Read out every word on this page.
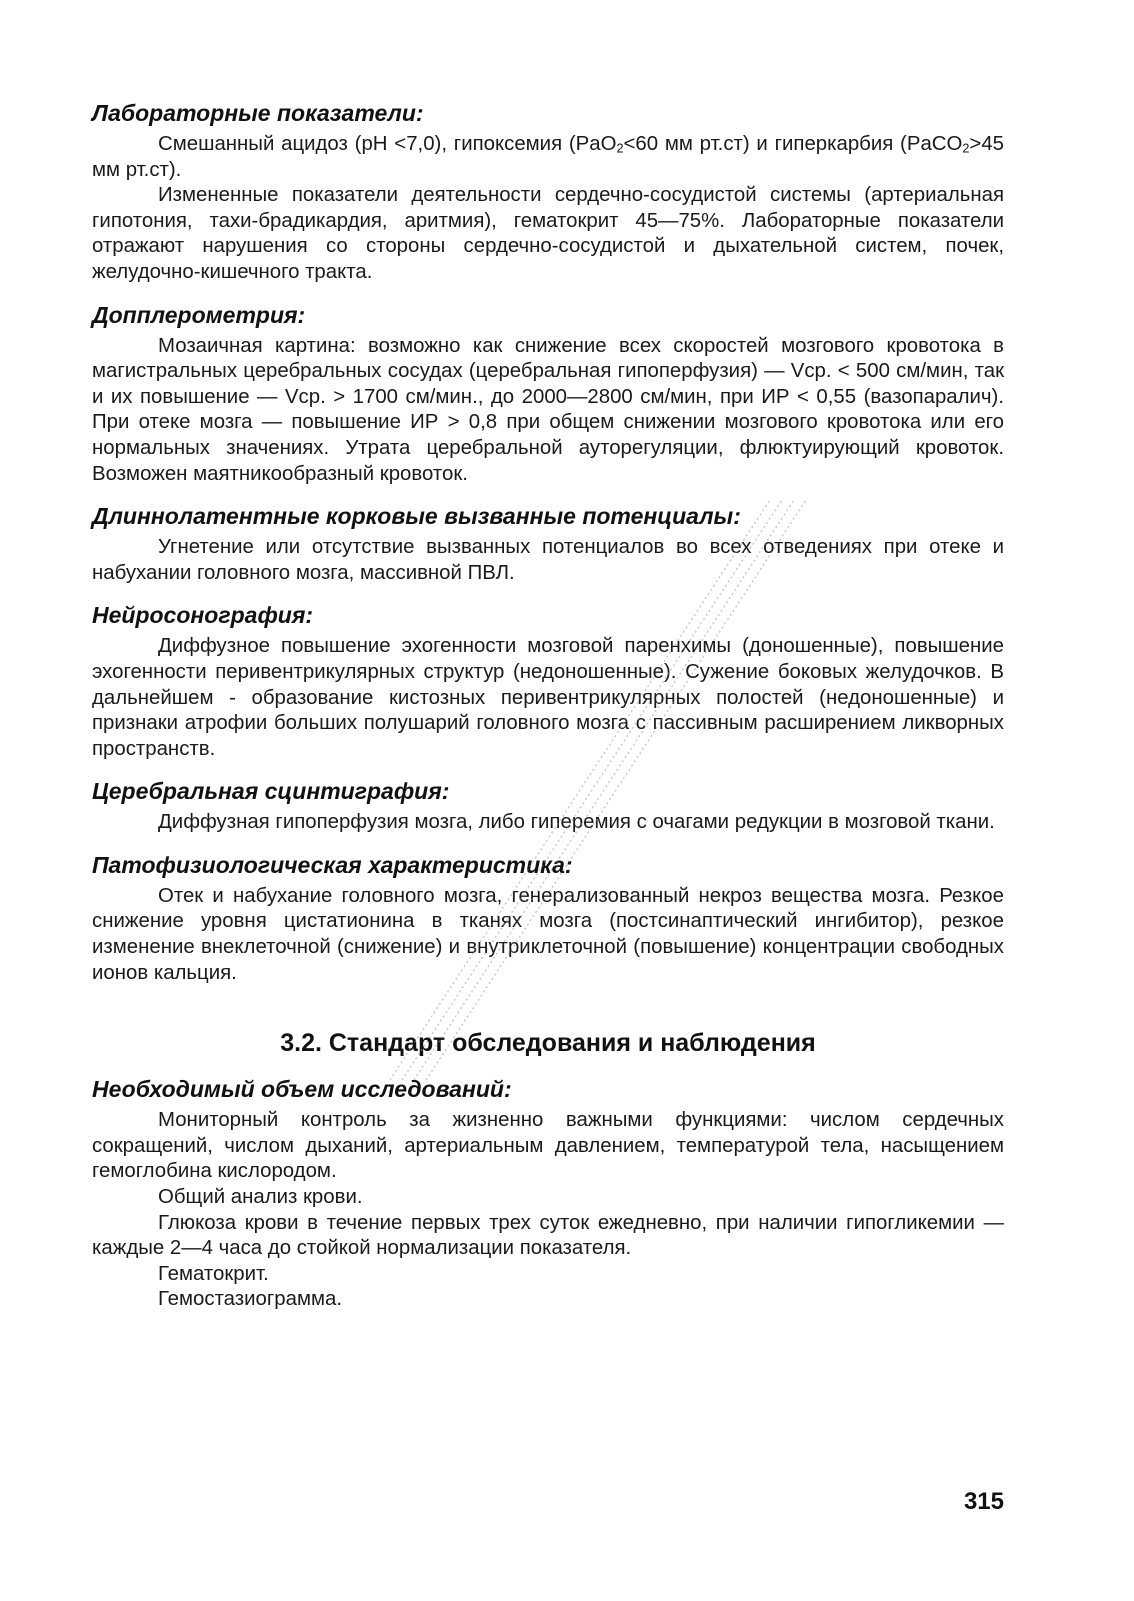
Лабораторные показатели:

Смешанный ацидоз (pH <7,0), гипоксемия (PaO$_2$<60 мм рт.ст) и гиперкарбия (PaCO$_2$>45 мм рт.ст).

Измененные показатели деятельности сердечно-сосудистой системы (артериальная гипотония, тахи-брадикардия, аритмия), гематокрит 45—75%. Лабораторные показатели отражают нарушения со стороны сердечно-сосудистой и дыхательной систем, почек, желудочно-кишечного тракта.

Допплерометрия:

Мозаичная картина: возможно как снижение всех скоростей мозгового кровотока в магистральных церебральных сосудах (церебральная гипоперфузия) — Vср. < 500 см/мин, так и их повышение — Vср. > 1700 см/мин., до 2000—2800 см/мин, при ИР < 0,55 (вазопаралич). При отеке мозга — повышение ИР > 0,8 при общем снижении мозгового кровотока или его нормальных значениях. Утрата церебральной ауторегуляции, флюктуирующий кровоток. Возможен маятникообразный кровоток.

Длиннолатентные корковые вызванные потенциалы:

Угнетение или отсутствие вызванных потенциалов во всех отведениях при отеке и набухании головного мозга, массивной ПВЛ.

Нейросонография:

Диффузное повышение эхогенности мозговой паренхимы (доношенные), повышение эхогенности перивентрикулярных структур (недоношенные). Сужение боковых желудочков. В дальнейшем - образование кистозных перивентрикулярных полостей (недоношенные) и признаки атрофии больших полушарий головного мозга с пассивным расширением ликворных пространств.

Церебральная сцинтиграфия:

Диффузная гипоперфузия мозга, либо гиперемия с очагами редукции в мозговой ткани.

Патофизиологическая характеристика:

Отек и набухание головного мозга, генерализованный некроз вещества мозга. Резкое снижение уровня цистатионина в тканях мозга (постсинаптический ингибитор), резкое изменение внеклеточной (снижение) и внутриклеточной (повышение) концентрации свободных ионов кальция.

3.2. Стандарт обследования и наблюдения
Необходимый объем исследований:

Мониторный контроль за жизненно важными функциями: числом сердечных сокращений, числом дыханий, артериальным давлением, температурой тела, насыщением гемоглобина кислородом.

Общий анализ крови.

Глюкоза крови в течение первых трех суток ежедневно, при наличии гипогликемии — каждые 2—4 часа до стойкой нормализации показателя.

Гематокрит.

Гемостазиограмма.

315
